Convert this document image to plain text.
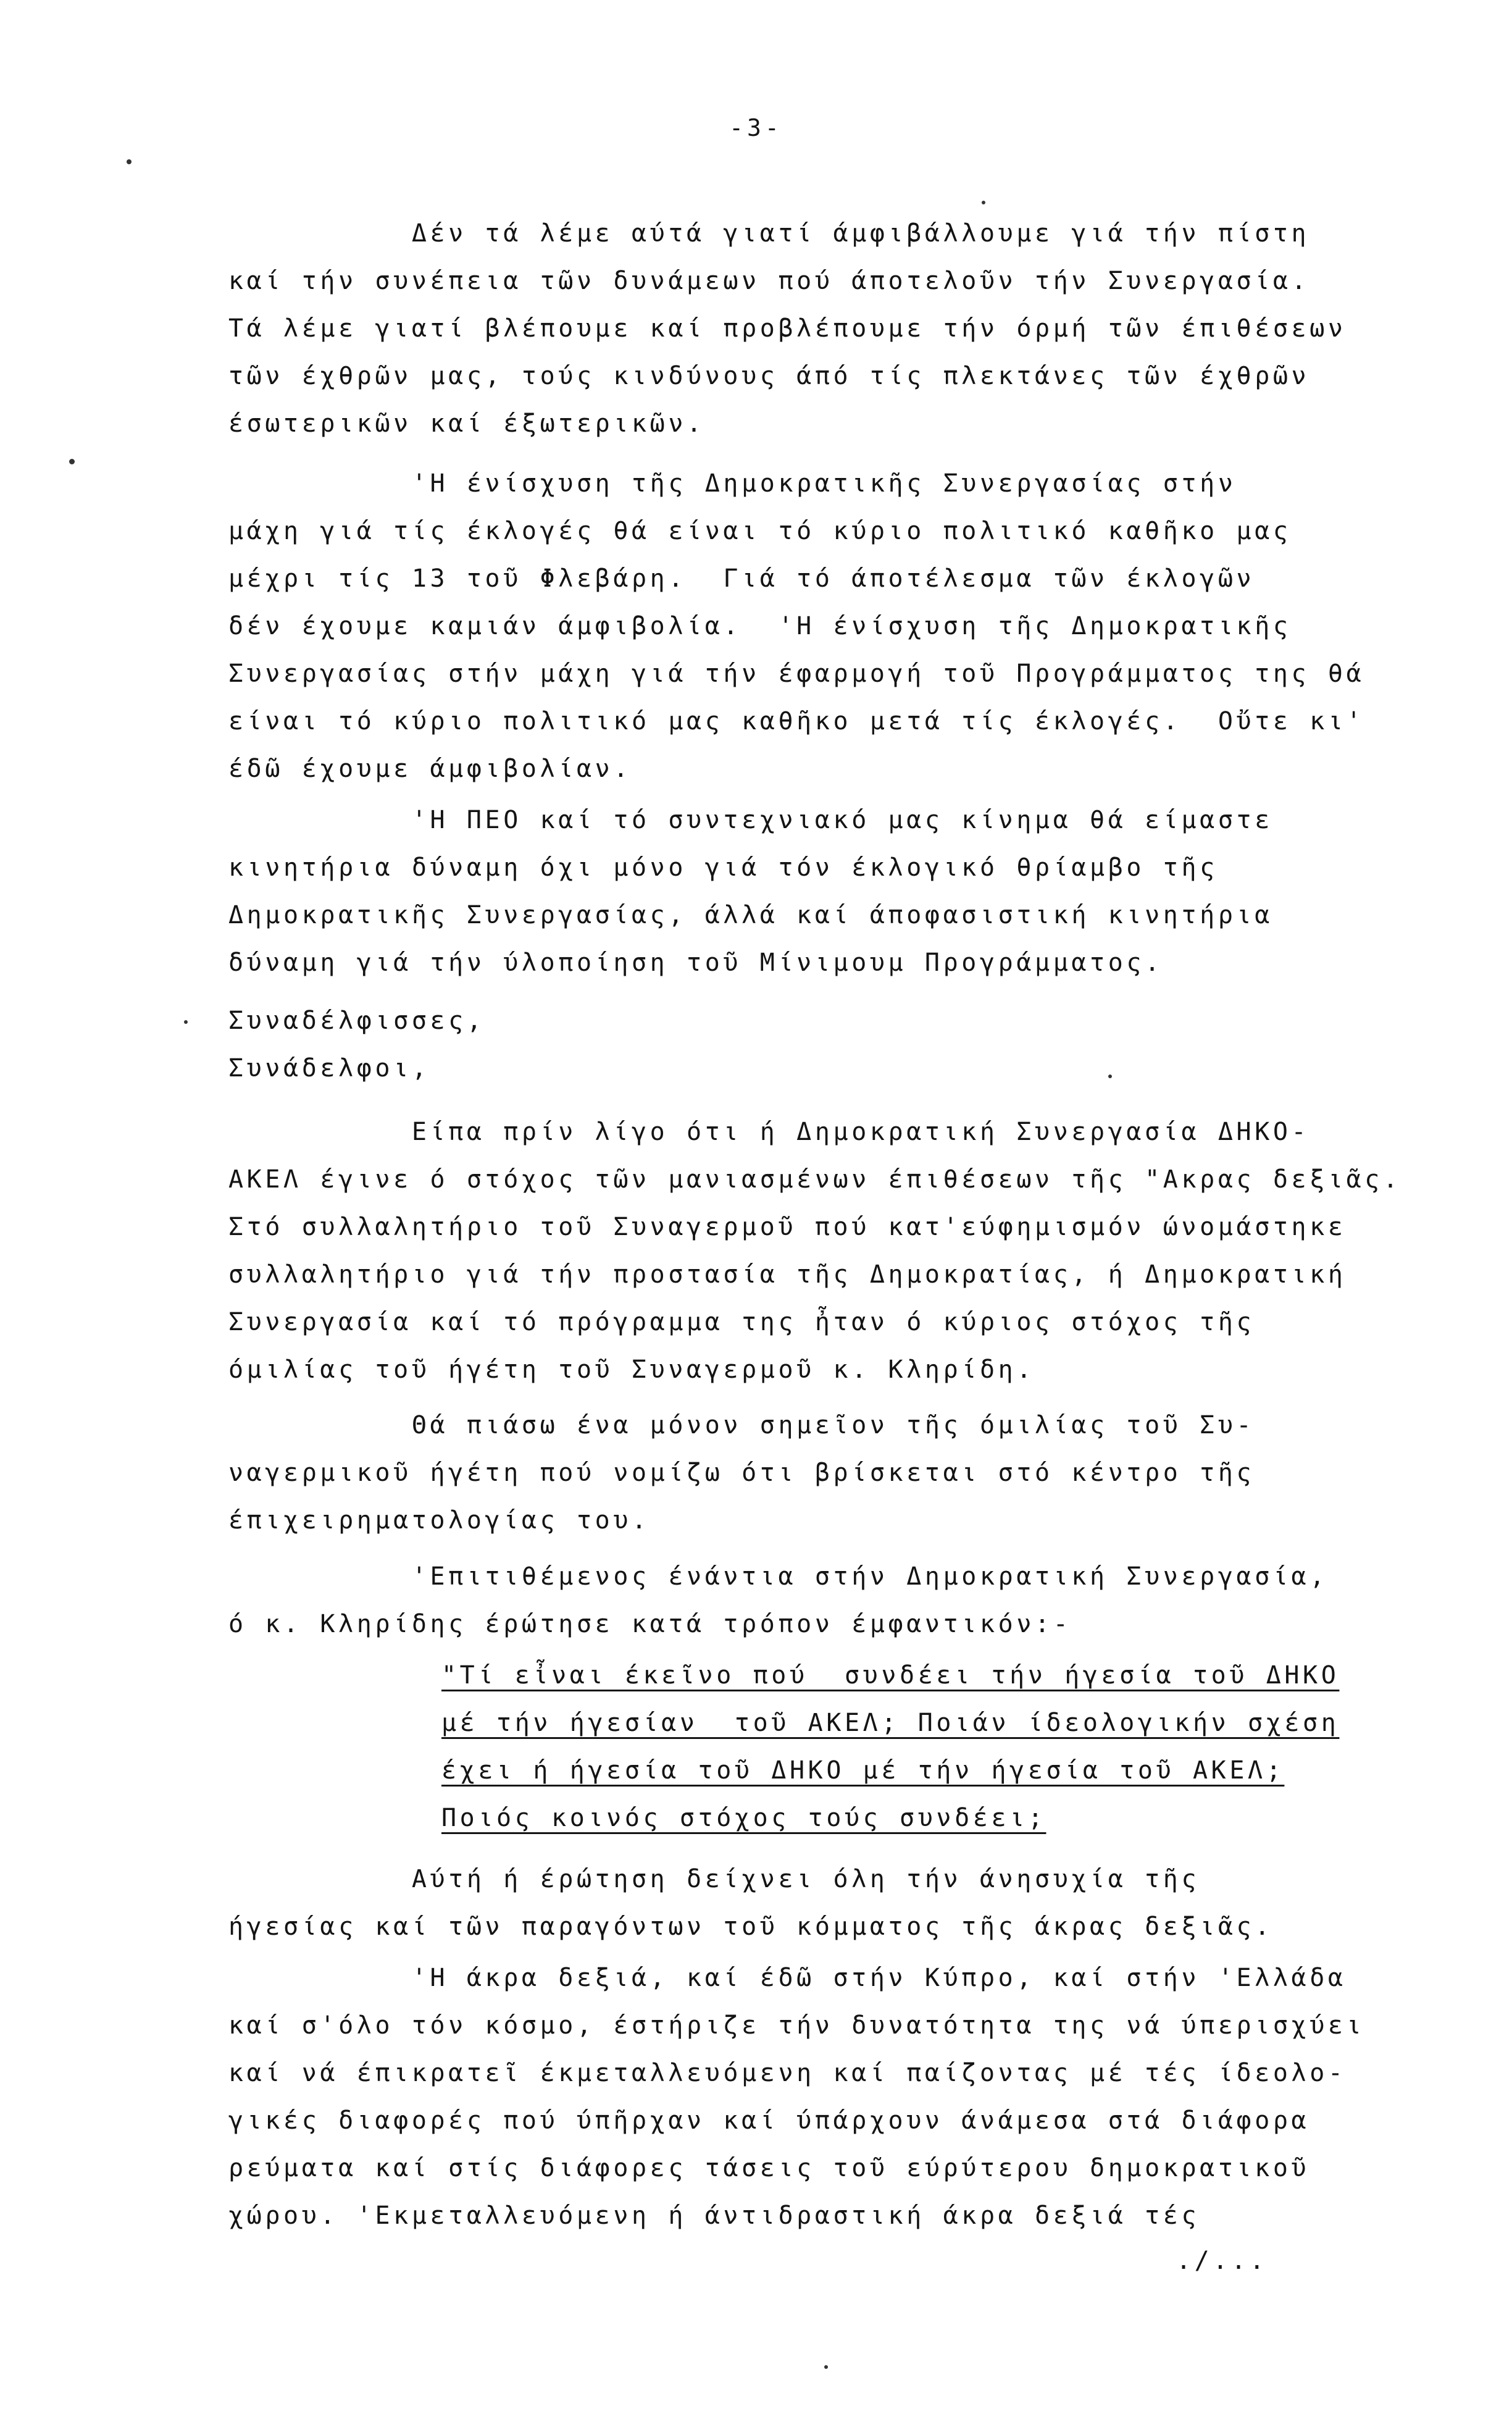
-3-
Δέν τά λέμε αύτά γιατί άμφιβάλλουμε γιά τήν πίστη
καί τήν συνέπεια τῶν δυνάμεων πού άποτελοῦν τήν Συνεργασία.
Τά λέμε γιατί βλέπουμε καί προβλέπουμε τήν όρμή τῶν έπιθέσεων
τῶν έχθρῶν μας, τούς κινδύνους άπό τίς πλεκτάνες τῶν έχθρῶν
έσωτερικῶν καί έξωτερικῶν.
'Η ένίσχυση τῆς Δημοκρατικῆς Συνεργασίας στήν
μάχη γιά τίς έκλογές θά είναι τό κύριο πολιτικό καθῆκο μας
μέχρι τίς 13 τοῦ Φλεβάρη.  Γιά τό άποτέλεσμα τῶν έκλογῶν
δέν έχουμε καμιάν άμφιβολία.  'Η ένίσχυση τῆς Δημοκρατικῆς
Συνεργασίας στήν μάχη γιά τήν έφαρμογή τοῦ Προγράμματος της θά
είναι τό κύριο πολιτικό μας καθῆκο μετά τίς έκλογές.  Οὔτε κι'
έδῶ έχουμε άμφιβολίαν.
'Η ΠΕΟ καί τό συντεχνιακό μας κίνημα θά είμαστε
κινητήρια δύναμη όχι μόνο γιά τόν έκλογικό θρίαμβο τῆς
Δημοκρατικῆς Συνεργασίας, άλλά καί άποφασιστική κινητήρια
δύναμη γιά τήν ύλοποίηση τοῦ Μίνιμουμ Προγράμματος.
Συναδέλφισσες,
Συνάδελφοι,
Είπα πρίν λίγο ότι ή Δημοκρατική Συνεργασία ΔΗΚΟ-
ΑΚΕΛ έγινε ό στόχος τῶν μανιασμένων έπιθέσεων τῆς "Ακρας δεξιᾶς.
Στό συλλαλητήριο τοῦ Συναγερμοῦ πού κατ'εύφημισμόν ώνομάστηκε
συλλαλητήριο γιά τήν προστασία τῆς Δημοκρατίας, ή Δημοκρατική
Συνεργασία καί τό πρόγραμμα της ἦταν ό κύριος στόχος τῆς
όμιλίας τοῦ ήγέτη τοῦ Συναγερμοῦ κ. Κληρίδη.
Θά πιάσω ένα μόνον σημεῖον τῆς όμιλίας τοῦ Συ-
ναγερμικοῦ ήγέτη πού νομίζω ότι βρίσκεται στό κέντρο τῆς
έπιχειρηματολογίας του.
'Επιτιθέμενος ένάντια στήν Δημοκρατική Συνεργασία,
ό κ. Κληρίδης έρώτησε κατά τρόπον έμφαντικόν:-
"Τί εἶναι έκεῖνο πού  συνδέει τήν ήγεσία τοῦ ΔΗΚΟ
μέ τήν ήγεσίαν  τοῦ ΑΚΕΛ; Ποιάν ίδεολογικήν σχέση
έχει ή ήγεσία τοῦ ΔΗΚΟ μέ τήν ήγεσία τοῦ ΑΚΕΛ;
Ποιός κοινός στόχος τούς συνδέει;
Αύτή ή έρώτηση δείχνει όλη τήν άνησυχία τῆς
ήγεσίας καί τῶν παραγόντων τοῦ κόμματος τῆς άκρας δεξιᾶς.
'Η άκρα δεξιά, καί έδῶ στήν Κύπρο, καί στήν 'Ελλάδα
καί σ'όλο τόν κόσμο, έστήριζε τήν δυνατότητα της νά ύπερισχύει
καί νά έπικρατεῖ έκμεταλλευόμενη καί παίζοντας μέ τές ίδεολο-
γικές διαφορές πού ύπῆρχαν καί ύπάρχουν άνάμεσα στά διάφορα
ρεύματα καί στίς διάφορες τάσεις τοῦ εύρύτερου δημοκρατικοῦ
χώρου. 'Εκμεταλλευόμενη ή άντιδραστική άκρα δεξιά τές
./...
